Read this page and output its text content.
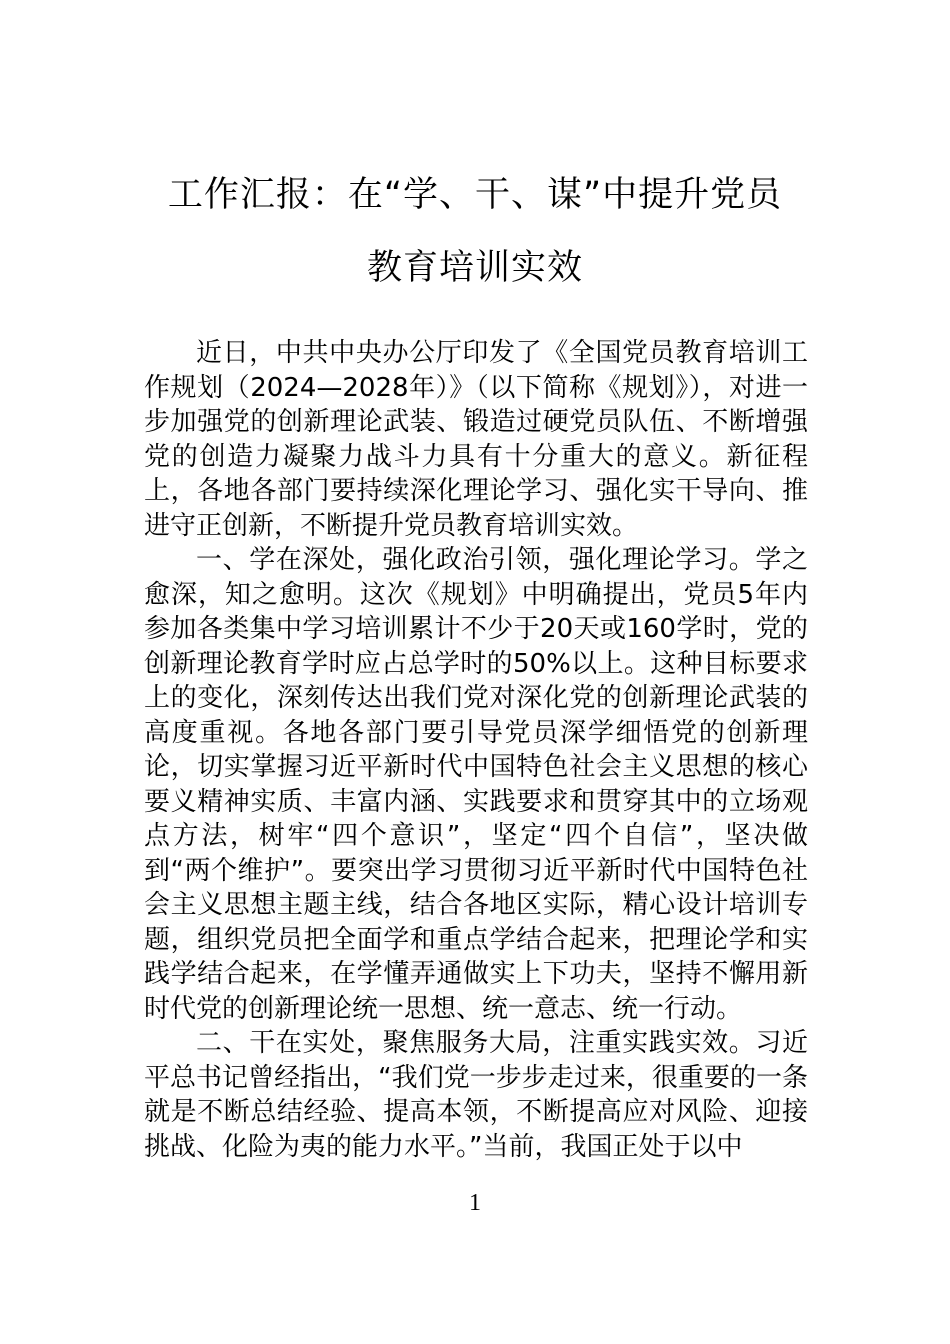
工作汇报：在“学、干、谋”中提升党员
教育培训实效

近日，中共中央办公厅印发了《全国党员教育培训工作规划（2024—2028年）》（以下简称《规划》），对进一步加强党的创新理论武装、锻造过硬党员队伍、不断增强党的创造力凝聚力战斗力具有十分重大的意义。新征程上，各地各部门要持续深化理论学习、强化实干导向、推进守正创新，不断提升党员教育培训实效。

一、学在深处，强化政治引领，强化理论学习。学之愈深，知之愈明。这次《规划》中明确提出，党员5年内参加各类集中学习培训累计不少于20天或160学时，党的创新理论教育学时应占总学时的50%以上。这种目标要求上的变化，深刻传达出我们党对深化党的创新理论武装的高度重视。各地各部门要引导党员深学细悟党的创新理论，切实掌握习近平新时代中国特色社会主义思想的核心要义精神实质、丰富内涵、实践要求和贯穿其中的立场观点方法，树牢“四个意识”，坚定“四个自信”，坚决做到“两个维护”。要突出学习贯彻习近平新时代中国特色社会主义思想主题主线，结合各地区实际，精心设计培训专题，组织党员把全面学和重点学结合起来，把理论学和实践学结合起来，在学懂弄通做实上下功夫，坚持不懈用新时代党的创新理论统一思想、统一意志、统一行动。

二、干在实处，聚焦服务大局，注重实践实效。习近平总书记曾经指出，“我们党一步步走过来，很重要的一条就是不断总结经验、提高本领，不断提高应对风险、迎接挑战、化险为夷的能力水平。”当前，我国正处于以中

1
